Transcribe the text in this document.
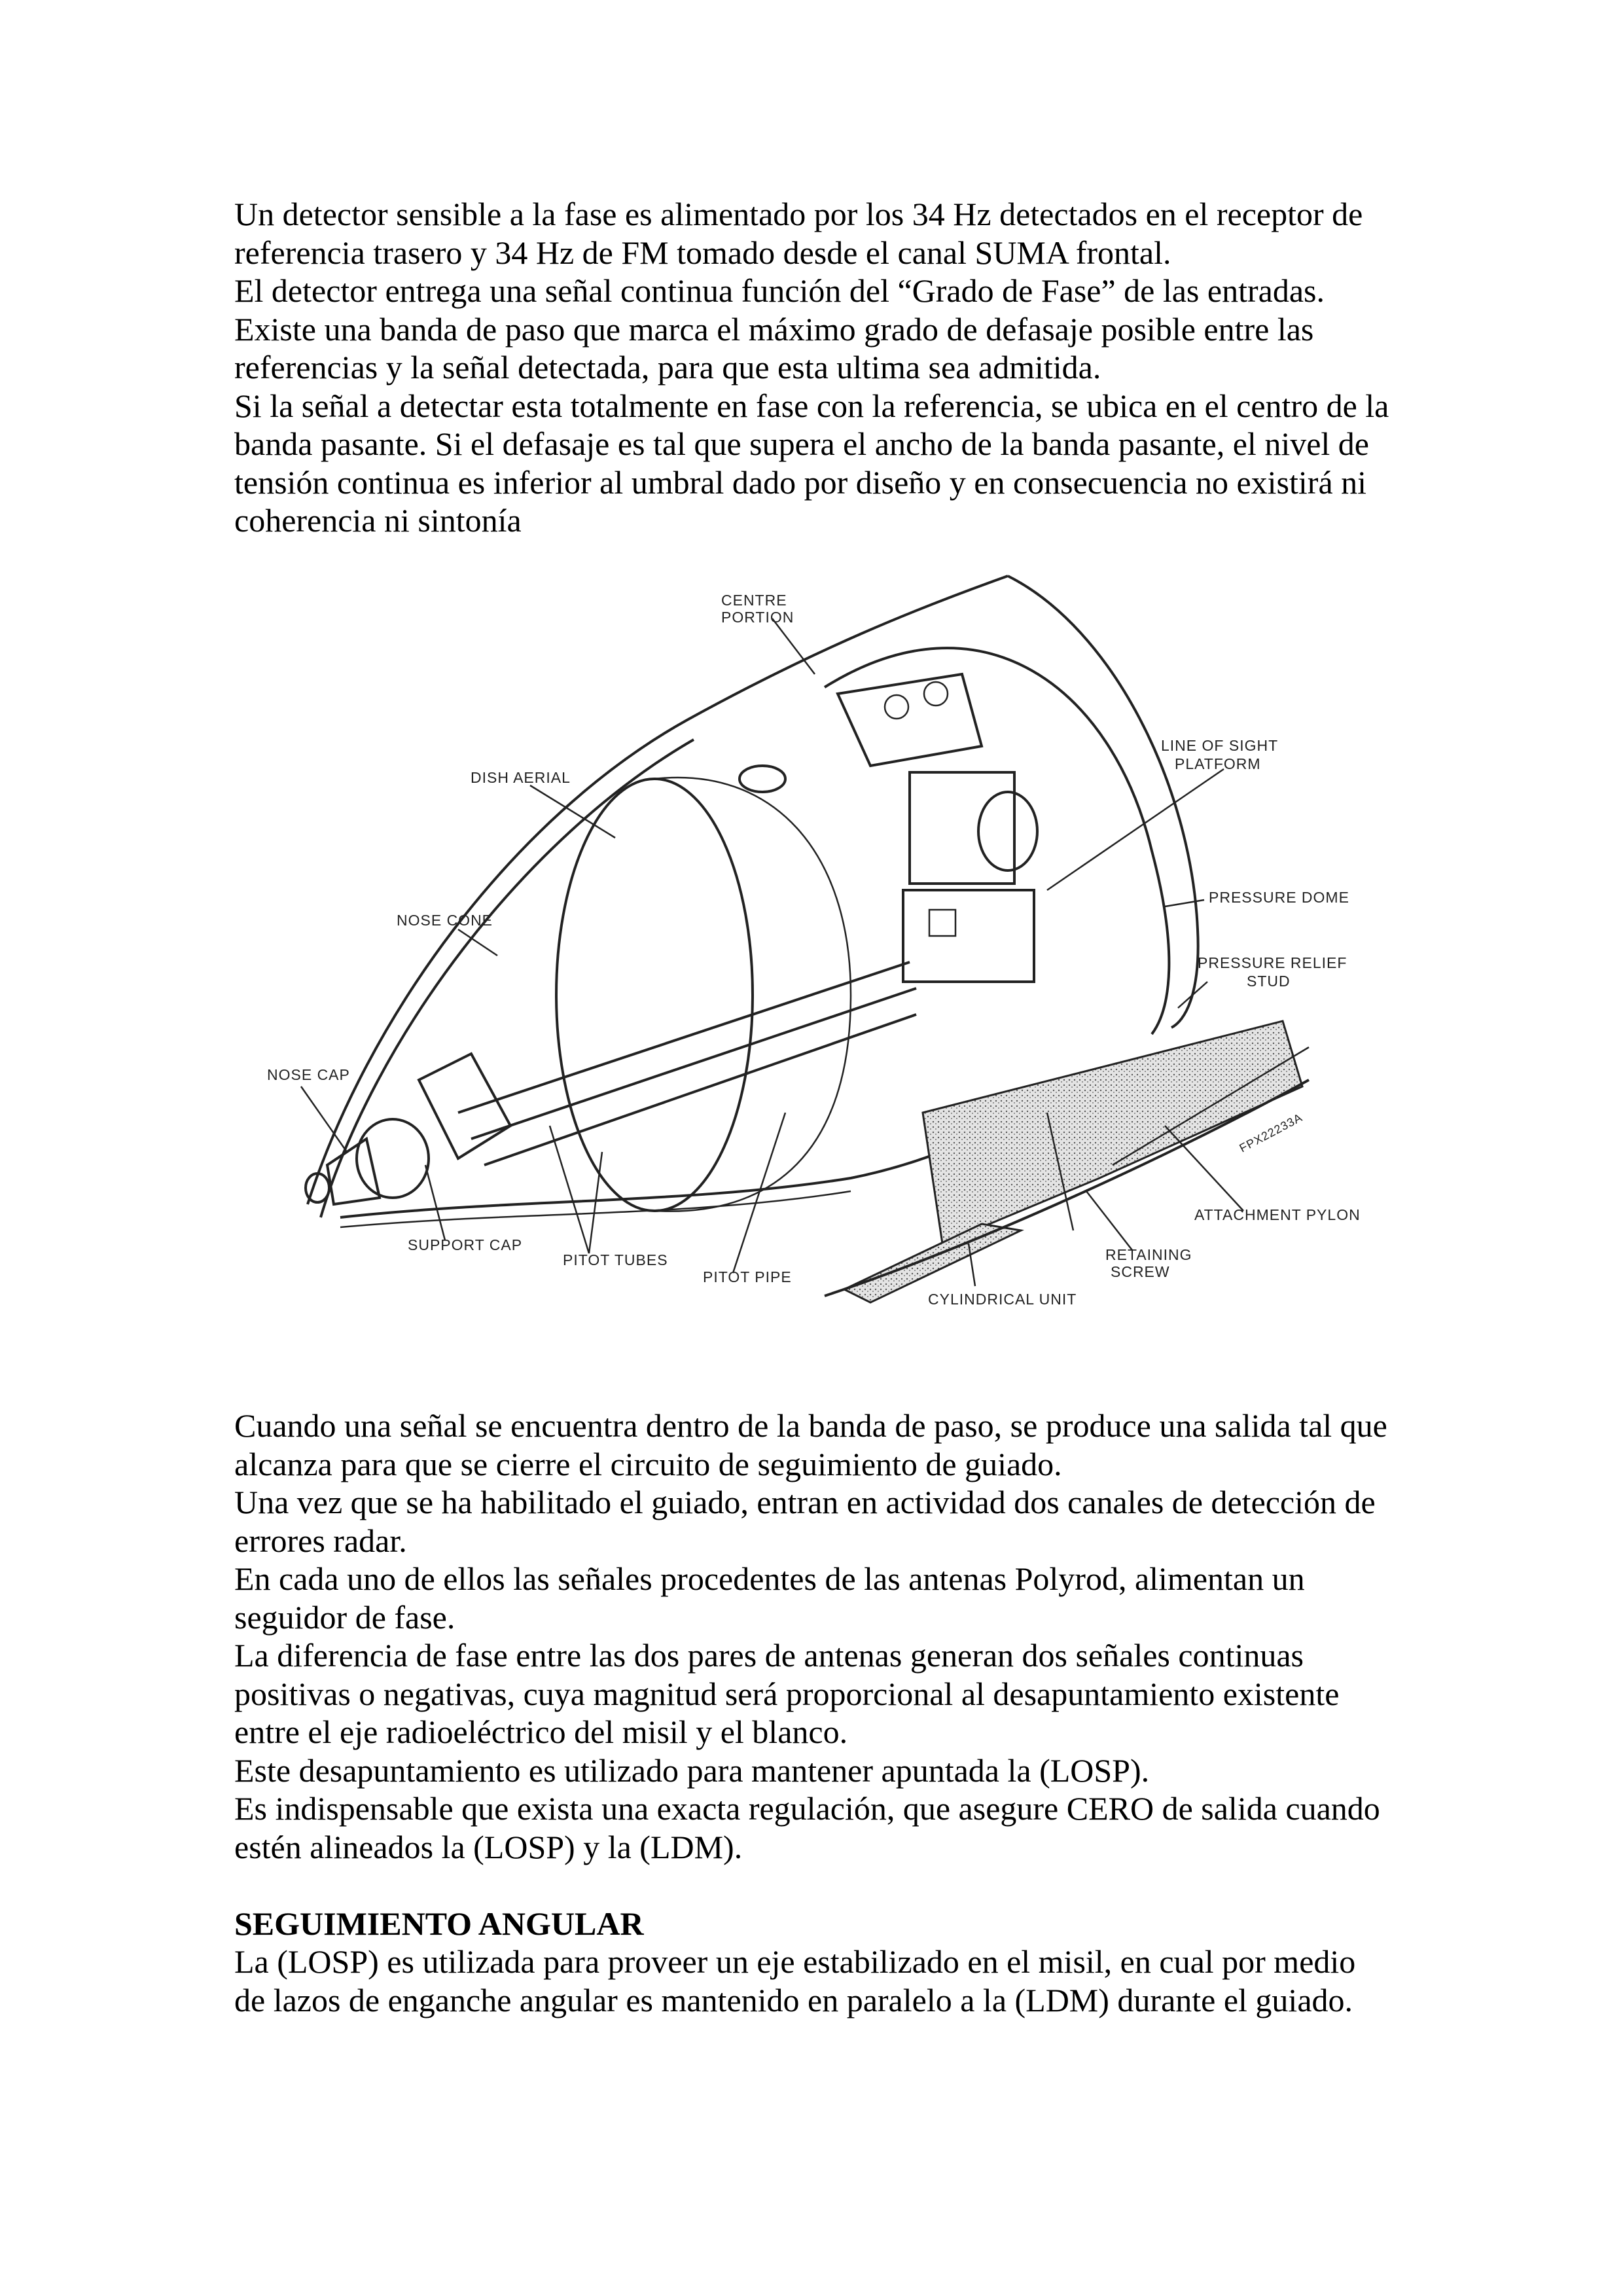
Un detector sensible a la fase es alimentado por los 34 Hz detectados en el receptor de
referencia trasero y 34 Hz de FM tomado desde el canal SUMA frontal.
El detector entrega una señal continua función del “Grado de Fase” de las entradas.
Existe una banda de paso que marca el máximo grado de defasaje posible entre las
referencias y la señal detectada, para que esta ultima sea admitida.
Si la señal a detectar esta totalmente en fase con la referencia, se ubica en el centro de la
banda pasante. Si el defasaje es tal que supera el ancho de la banda pasante, el nivel de
tensión continua es inferior al umbral dado por diseño y en consecuencia no existirá ni
coherencia ni sintonía
CENTRE
PORTION
DISH AERIAL
LINE OF SIGHT
PLATFORM
NOSE CONE
PRESSURE DOME
PRESSURE RELIEF
STUD
NOSE CAP
ATTACHMENT PYLON
SUPPORT CAP
PITOT TUBES
PITOT PIPE
RETAINING
SCREW
CYLINDRICAL UNIT
FPX22233A
Cuando una señal se encuentra dentro de la banda de paso, se produce una salida tal que
alcanza para que se cierre el circuito de seguimiento de guiado.
Una vez que se ha habilitado el guiado, entran en actividad dos canales de detección de
errores radar.
En cada uno de ellos las señales procedentes de las antenas Polyrod, alimentan un
seguidor de fase.
La diferencia de fase entre las dos pares de antenas generan dos señales continuas
positivas o negativas, cuya magnitud será proporcional al desapuntamiento existente
entre el eje radioeléctrico del misil y el blanco.
Este desapuntamiento es utilizado para mantener apuntada la (LOSP).
Es indispensable que exista una exacta regulación, que asegure CERO de salida cuando
estén alineados la (LOSP) y la (LDM).
SEGUIMIENTO ANGULAR
La (LOSP) es utilizada para proveer un eje estabilizado en el misil, en cual por medio
de lazos de enganche angular es mantenido en paralelo a la (LDM) durante el guiado.
